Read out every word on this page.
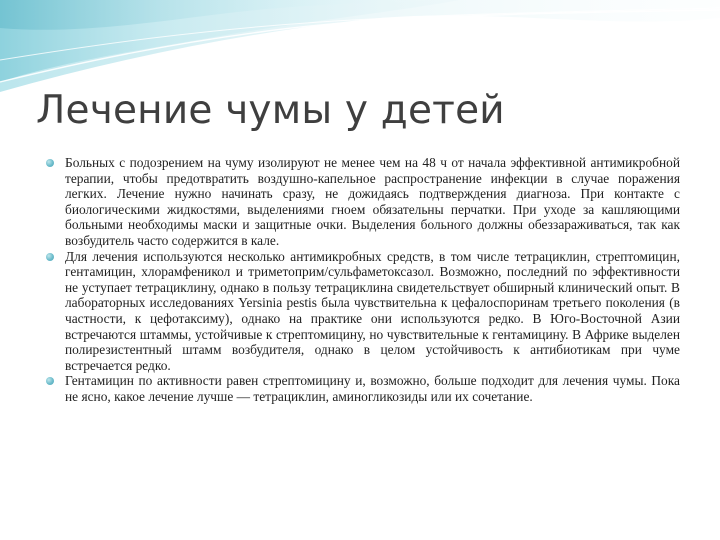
Лечение чумы у детей
Больных с подозрением на чуму изолируют не менее чем на 48 ч от начала эффективной антимикробной терапии, чтобы предотвратить воздушно-капельное распространение инфекции в случае поражения легких. Лечение нужно начинать сразу, не дожидаясь подтверждения диагноза. При контакте с биологическими жидкостями, выделениями гноем обязательны перчатки. При уходе за кашляющими больными необходимы маски и защитные очки. Выделения больного должны обеззараживаться, так как возбудитель часто содержится в кале.
Для лечения используются несколько антимикробных средств, в том числе тетрациклин, стрептомицин, гентамицин, хлорамфеникол и триметоприм/сульфаметоксазол. Возможно, последний по эффективности не уступает тетрациклину, однако в пользу тетрациклина свидетельствует обширный клинический опыт. В лабораторных исследованиях Yersinia pestis была чувствительна к цефалоспоринам третьего поколения (в частности, к цефотаксиму), однако на практике они используются редко. В Юго-Восточной Азии встречаются штаммы, устойчивые к стрептомицину, но чувствительные к гентамицину. В Африке выделен полирезистентный штамм возбудителя, однако в целом устойчивость к антибиотикам при чуме встречается редко.
Гентамицин по активности равен стрептомицину и, возможно, больше подходит для лечения чумы. Пока не ясно, какое лечение лучше — тетрациклин, аминогликозиды или их сочетание.
